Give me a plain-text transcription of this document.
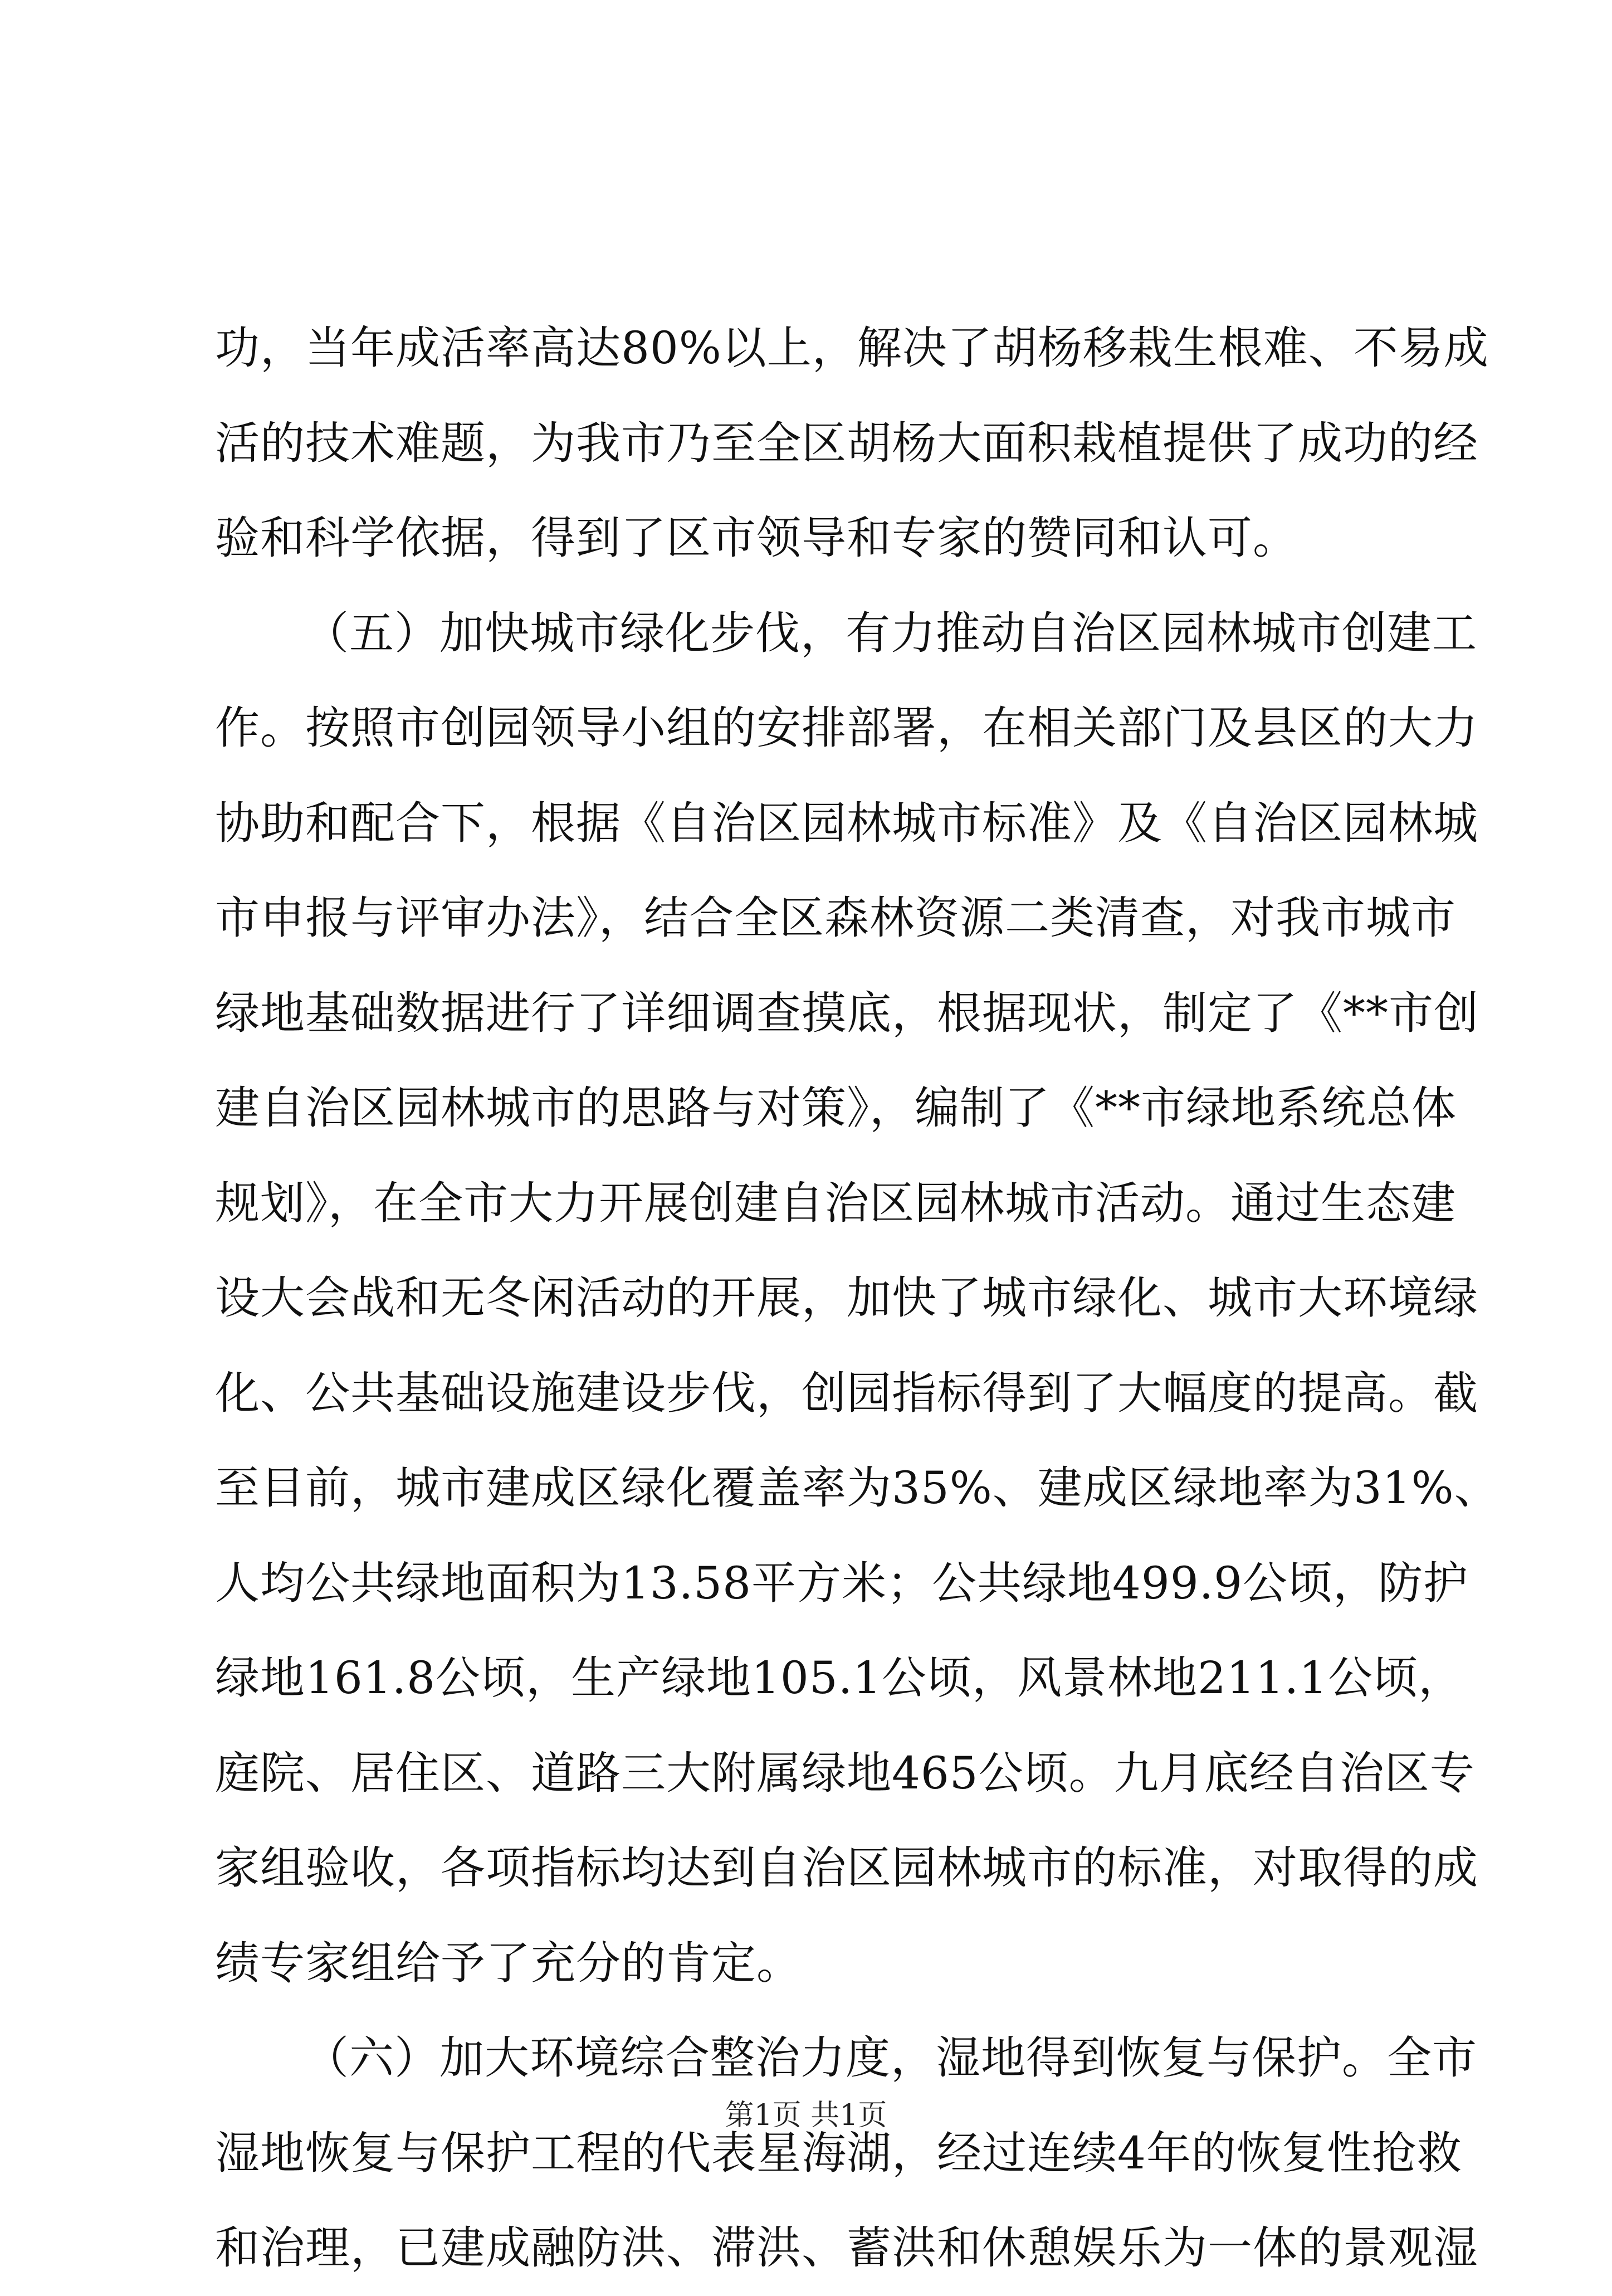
功，当年成活率高达80%以上，解决了胡杨移栽生根难、不易成
活的技术难题，为我市乃至全区胡杨大面积栽植提供了成功的经
验和科学依据，得到了区市领导和专家的赞同和认可。
（五）加快城市绿化步伐，有力推动自治区园林城市创建工
作。按照市创园领导小组的安排部署，在相关部门及县区的大力
协助和配合下，根据《自治区园林城市标准》及《自治区园林城
市申报与评审办法》，结合全区森林资源二类清查，对我市城市
绿地基础数据进行了详细调查摸底，根据现状，制定了《**市创
建自治区园林城市的思路与对策》，编制了《**市绿地系统总体
规划》，在全市大力开展创建自治区园林城市活动。通过生态建
设大会战和无冬闲活动的开展，加快了城市绿化、城市大环境绿
化、公共基础设施建设步伐，创园指标得到了大幅度的提高。截
至目前，城市建成区绿化覆盖率为35%、建成区绿地率为31%、
人均公共绿地面积为13.58平方米；公共绿地499.9公顷，防护
绿地161.8公顷，生产绿地105.1公顷，风景林地211.1公顷，
庭院、居住区、道路三大附属绿地465公顷。九月底经自治区专
家组验收，各项指标均达到自治区园林城市的标准，对取得的成
绩专家组给予了充分的肯定。
（六）加大环境综合整治力度，湿地得到恢复与保护。全市
湿地恢复与保护工程的代表星海湖，经过连续4年的恢复性抢救
和治理，已建成融防洪、滞洪、蓄洪和休憩娱乐为一体的景观湿
第1页 共1页
